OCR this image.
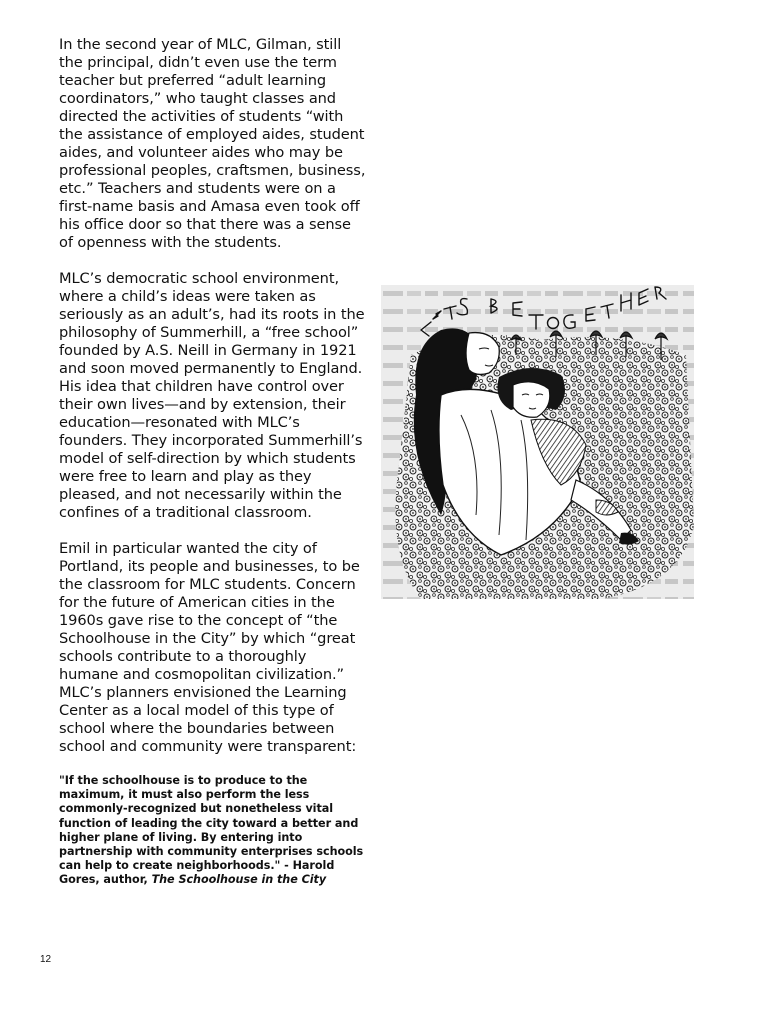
In the second year of MLC, Gilman, still the principal, didn’t even use the term teacher but preferred “adult learning coordinators,” who taught classes and directed the activities of students “with the assistance of employed aides, student aides, and volunteer aides who may be professional peoples, craftsmen, business, etc.” Teachers and students were on a first-name basis and Amasa even took off his office door so that there was a sense of openness with the students.

MLC’s democratic school environment, where a child’s ideas were taken as seriously as an adult’s, had its roots in the philosophy of Summerhill, a “free school” founded by A.S. Neill in Germany in 1921 and soon moved permanently to England. His idea that children have control over their own lives—and by extension, their education—resonated with MLC’s founders. They incorporated Summerhill’s model of self-direction by which students were free to learn and play as they pleased, and not necessarily within the confines of a traditional classroom.

Emil in particular wanted the city of Portland, its people and businesses, to be the classroom for MLC students. Concern for the future of American cities in the 1960s gave rise to the concept of “the Schoolhouse in the City” by which “great schools contribute to a thoroughly humane and cosmopolitan civilization.” MLC’s planners envisioned the Learning Center as a local model of this type of school where the boundaries between school and community were transparent:

"If the schoolhouse is to produce to the maximum, it must also perform the less commonly-recognized but nonetheless vital function of leading the city toward a better and higher plane of living. By entering into partnership with community enterprises schools can help to create neighborhoods." - Harold Gores, author, The Schoolhouse in the City

12
